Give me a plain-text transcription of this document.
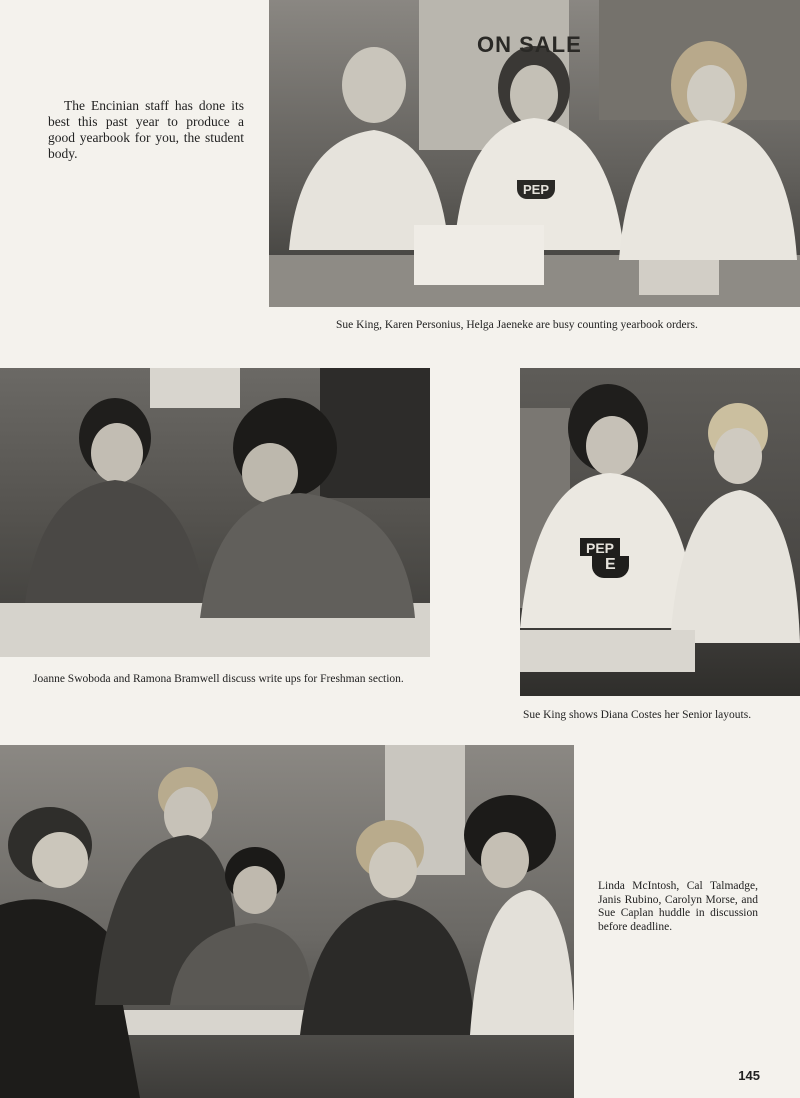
The Encinian staff has done its best this past year to produce a good yearbook for you, the student body.
ON SALE
PEP
Sue King, Karen Personius, Helga Jaeneke are busy counting yearbook orders.
Joanne Swoboda and Ramona Bramwell discuss write ups for Freshman section.
PEP
E
Sue King shows Diana Costes her Senior layouts.
Linda McIntosh, Cal Talmadge, Janis Rubino, Carolyn Morse, and Sue Caplan huddle in discussion before deadline.
145
